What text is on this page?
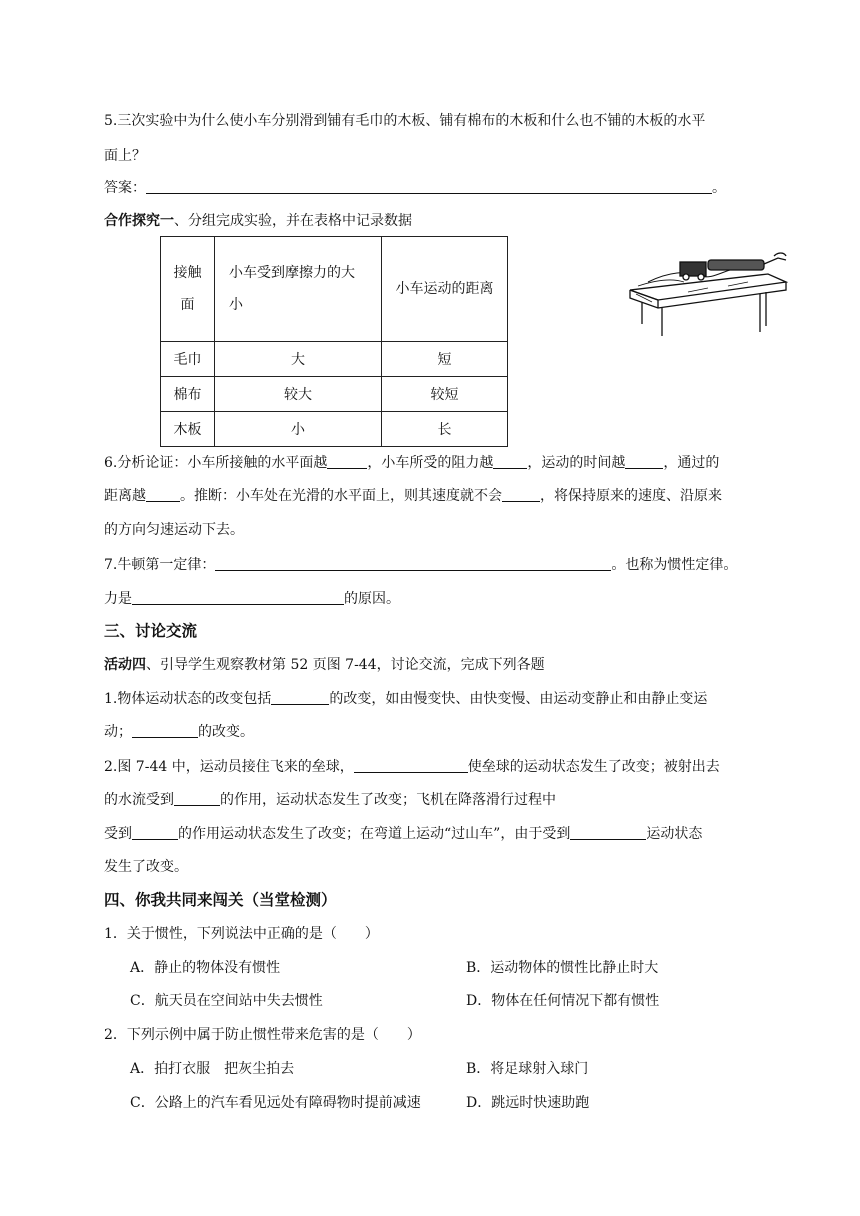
5.三次实验中为什么使小车分别滑到铺有毛巾的木板、铺有棉布的木板和什么也不铺的木板的水平
面上？
答案：	。
合作探究一、分组完成实验，并在表格中记录数据
接触面	小车受到摩擦力的大小	小车运动的距离

毛巾	大	短
棉布	较大	较短
木板	小	长
6.分析论证：小车所接触的水平面越	，小车所受的阻力越 ，运动的时间越	，通过的
距离越 。推断：小车处在光滑的水平面上，则其速度就不会	，将保持原来的速度、沿原来
的方向匀速运动下去。
7.牛顿第一定律：	。也称为惯性定律。
力是	的原因。
三、讨论交流
活动四、引导学生观察教材第 52 页图 7-44，讨论交流，完成下列各题
1.物体运动状态的改变包括	的改变，如由慢变快、由快变慢、由运动变静止和由静止变运
动；	的改变。
2.图 7-44 中，运动员接住飞来的垒球，	使垒球的运动状态发生了改变；被射出去
的水流受到	的作用，运动状态发生了改变；飞机在降落滑行过程中
受到	的作用运动状态发生了改变；在弯道上运动“过山车”，由于受到	运动状态
发生了改变。
四、你我共同来闯关（当堂检测）
1．关于惯性，下列说法中正确的是（　　）
A．静止的物体没有惯性	B．运动物体的惯性比静止时大
C．航天员在空间站中失去惯性	D．物体在任何情况下都有惯性
2．下列示例中属于防止惯性带来危害的是（　　）
A．拍打衣服　把灰尘拍去	B．将足球射入球门
C．公路上的汽车看见远处有障碍物时提前减速	D．跳远时快速助跑
